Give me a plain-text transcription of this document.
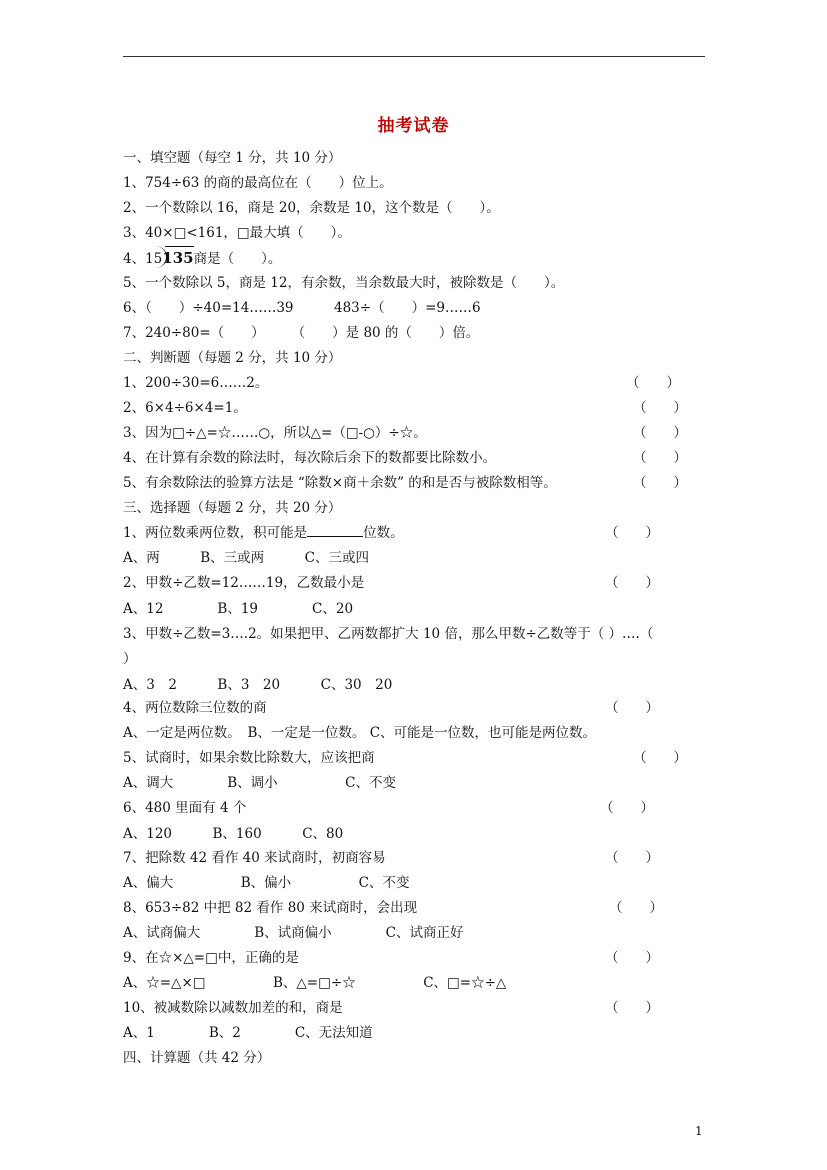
抽考试卷
一、填空题（每空 1 分，共 10 分）
1、754÷63 的商的最高位在（　　）位上。
2、一个数除以 16，商是 20，余数是 10，这个数是（　　）。
3、40×□<161，□最大填（　　）。
4、15
135商是（　　）。
5、一个数除以 5，商是 12，有余数，当余数最大时，被除数是（　　）。
6、（　　）÷40=14……39　　　483÷（　　）=9……6
7、240÷80=（　　）　　　（　　）是 80 的（　　）倍。
二、判断题（每题 2 分，共 10 分）
1、200÷30=6……2。	（　　）
2、6×4÷6×4=1。	（　　）
3、因为□÷△=☆……○，所以△=（□-○）÷☆。	（　　）
4、在计算有余数的除法时，每次除后余下的数都要比除数小。	（　　）
5、有余数除法的验算方法是 “除数×商＋余数” 的和是否与被除数相等。	（　　）
三、选择题（每题 2 分，共 20 分）
1、两位数乘两位数，积可能是	位数。	（　　）
A、两　　　B、三或两　　　C、三或四
2、甲数÷乙数=12……19，乙数最小是	（　　）
A、12　　　　B、19　　　　C、20
3、甲数÷乙数=3….2。如果把甲、乙两数都扩大 10 倍，那么甲数÷乙数等于（ ）….（
）
A、3　2　　　B、3　20　　　C、30　20
4、两位数除三位数的商	（　　）
A、一定是两位数。　B、一定是一位数。 C、可能是一位数，也可能是两位数。
5、试商时，如果余数比除数大，应该把商	（　　）
A、调大　　　　B、调小　　　　　C、不变
6、480 里面有 4 个	（　　）
A、120　　　B、160　　　C、80
7、把除数 42 看作 40 来试商时，初商容易	（　　）
A、偏大　　　　　B、偏小　　　　　C、不变
8、653÷82 中把 82 看作 80 来试商时，会出现	（　　）
A、试商偏大　　　　B、试商偏小　　　　C、试商正好
9、在☆×△=□中，正确的是	（　　）
A、☆=△×□　　　　　B、△=□÷☆　　　　　C、□=☆÷△
10、被减数除以减数加差的和，商是	（　　）
A、1　　　　B、2　　　　C、无法知道
四、计算题（共 42 分）
1
